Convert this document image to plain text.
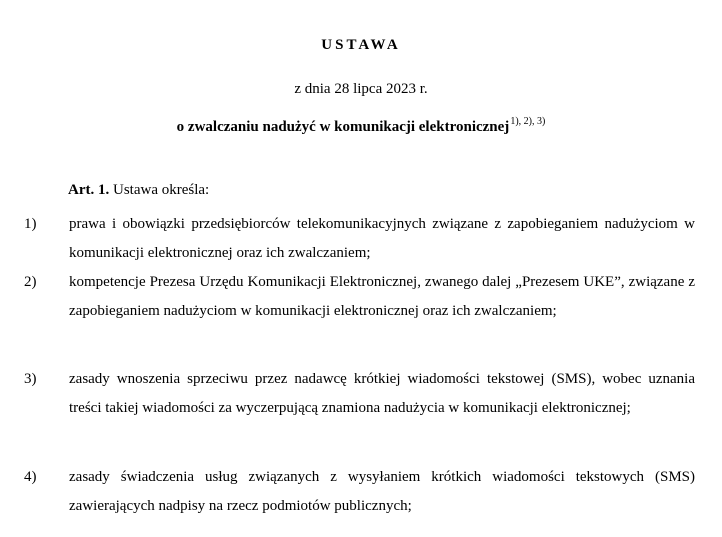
USTAWA
z dnia 28 lipca 2023 r.
o zwalczaniu nadużyć w komunikacji elektronicznej$^{1), 2), 3)}$
Art. 1. Ustawa określa:
1) prawa i obowiązki przedsiębiorców telekomunikacyjnych związane z zapobieganiem nadużyciom w komunikacji elektronicznej oraz ich zwalczaniem;
2) kompetencje Prezesa Urzędu Komunikacji Elektronicznej, zwanego dalej „Prezesem UKE”, związane z zapobieganiem nadużyciom w komunikacji elektronicznej oraz ich zwalczaniem;
3) zasady wnoszenia sprzeciwu przez nadawcę krótkiej wiadomości tekstowej (SMS), wobec uznania treści takiej wiadomości za wyczerpującą znamiona nadużycia w komunikacji elektronicznej;
4) zasady świadczenia usług związanych z wysyłaniem krótkich wiadomości tekstowych (SMS) zawierających nadpisy na rzecz podmiotów publicznych;
